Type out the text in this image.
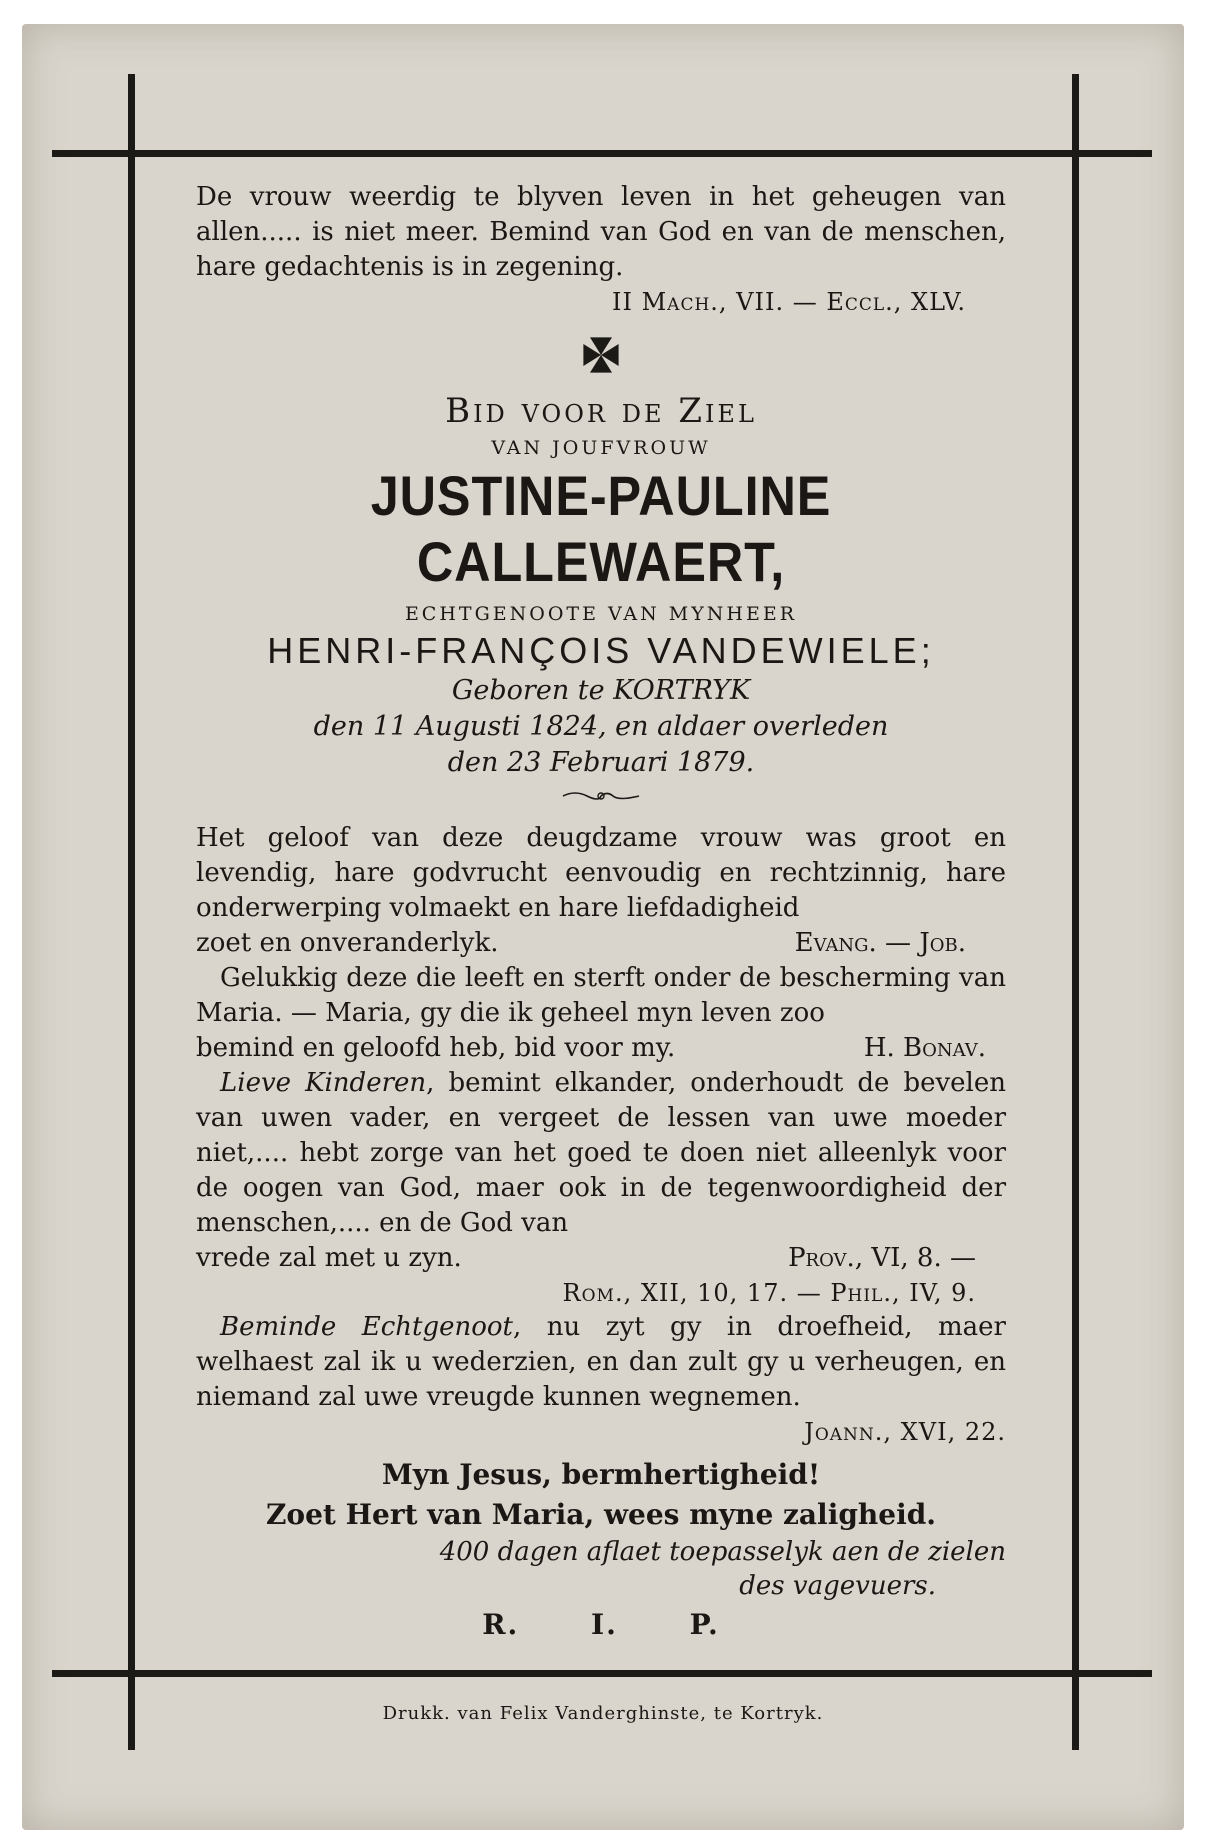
De vrouw weerdig te blyven leven in het geheugen van allen..... is niet meer. Bemind van God en van de menschen, hare gedachtenis is in zegening.

II Mach., VII. — Eccl., XLV.
Bid voor de Ziel
VAN JOUFVROUW
JUSTINE-PAULINE CALLEWAERT,
ECHTGENOOTE VAN MYNHEER
HENRI-FRANÇOIS VANDEWIELE;
Geboren te KORTRYK
den 11 Augusti 1824, en aldaer overleden
den 23 Februari 1879.

Het geloof van deze deugdzame vrouw was groot en levendig, hare godvrucht eenvoudig en rechtzinnig, hare onderwerping volmaekt en hare liefdadigheid

zoet en onveranderlyk.	Evang. — Job.

Gelukkig deze die leeft en sterft onder de bescherming van Maria. — Maria, gy die ik geheel myn leven zoo

bemind en geloofd heb, bid voor my.	H. Bonav.

Lieve Kinderen, bemint elkander, onderhoudt de bevelen van uwen vader, en vergeet de lessen van uwe moeder niet,.... hebt zorge van het goed te doen niet alleenlyk voor de oogen van God, maer ook in de tegenwoordigheid der menschen,.... en de God van

vrede zal met u zyn.	Prov., VI, 8. —
Rom., XII, 10, 17. — Phil., IV, 9.

Beminde Echtgenoot, nu zyt gy in droefheid, maer welhaest zal ik u wederzien, en dan zult gy u verheugen, en niemand zal uwe vreugde kunnen wegnemen.

Joann., XVI, 22.
Myn Jesus, bermhertigheid!
Zoet Hert van Maria, wees myne zaligheid.
400 dagen aflaet toepasselyk aen de zielen
des vagevuers.
R. I. P.
Drukk. van Felix Vanderghinste, te Kortryk.
